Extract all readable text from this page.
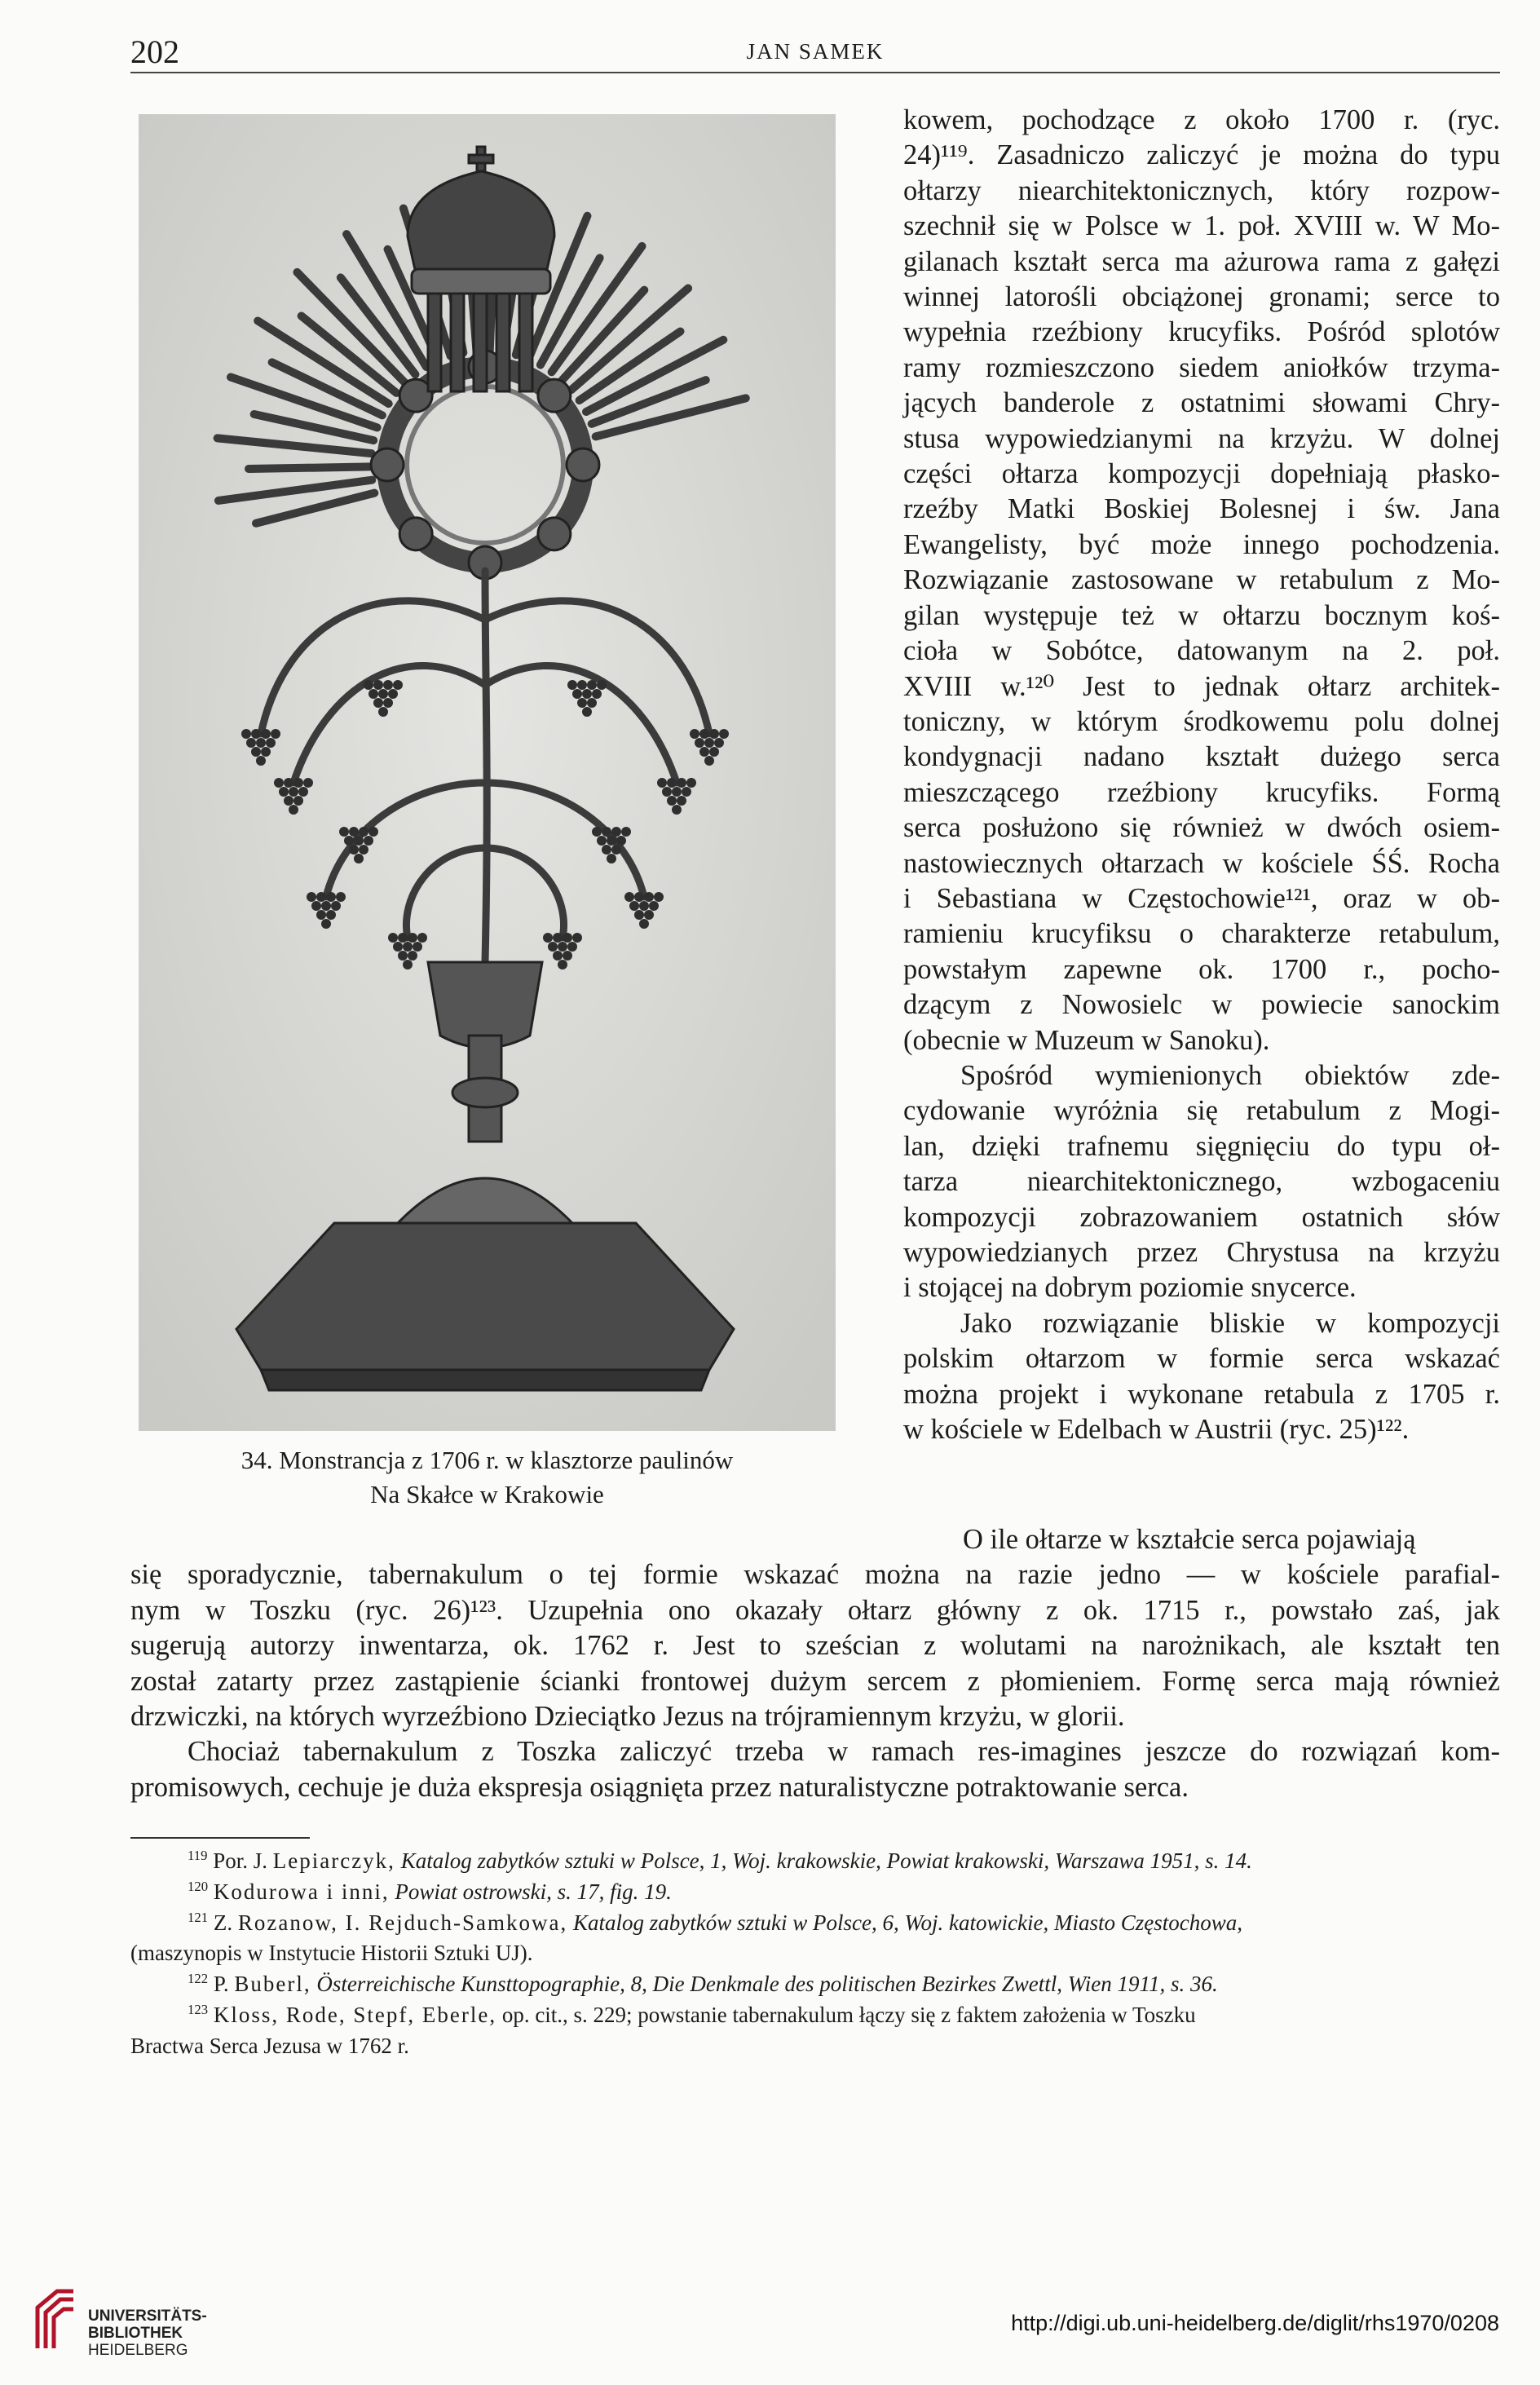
202	JAN SAMEK
34. Monstrancja z 1706 r. w klasztorze paulinów
Na Skałce w Krakowie
kowem, pochodzące z około 1700 r. (ryc.
24)¹¹⁹. Zasadniczo zaliczyć je można do typu
ołtarzy niearchitektonicznych, który rozpow-
szechnił się w Polsce w 1. poł. XVIII w. W Mo-
gilanach kształt serca ma ażurowa rama z gałęzi
winnej latorośli obciążonej gronami; serce to
wypełnia rzeźbiony krucyfiks. Pośród splotów
ramy rozmieszczono siedem aniołków trzyma-
jących banderole z ostatnimi słowami Chry-
stusa wypowiedzianymi na krzyżu. W dolnej
części ołtarza kompozycji dopełniają płasko-
rzeźby Matki Boskiej Bolesnej i św. Jana
Ewangelisty, być może innego pochodzenia.
Rozwiązanie zastosowane w retabulum z Mo-
gilan występuje też w ołtarzu bocznym koś-
cioła w Sobótce, datowanym na 2. poł.
XVIII w.¹²⁰ Jest to jednak ołtarz architek-
toniczny, w którym środkowemu polu dolnej
kondygnacji nadano kształt dużego serca
mieszczącego rzeźbiony krucyfiks. Formą
serca posłużono się również w dwóch osiem-
nastowiecznych ołtarzach w kościele ŚŚ. Rocha
i Sebastiana w Częstochowie¹²¹, oraz w ob-
ramieniu krucyfiksu o charakterze retabulum,
powstałym zapewne ok. 1700 r., pocho-
dzącym z Nowosielc w powiecie sanockim
(obecnie w Muzeum w Sanoku).
Spośród wymienionych obiektów zde-
cydowanie wyróżnia się retabulum z Mogi-
lan, dzięki trafnemu sięgnięciu do typu oł-
tarza niearchitektonicznego, wzbogaceniu
kompozycji zobrazowaniem ostatnich słów
wypowiedzianych przez Chrystusa na krzyżu
i stojącej na dobrym poziomie snycerce.
Jako rozwiązanie bliskie w kompozycji
polskim ołtarzom w formie serca wskazać
można projekt i wykonane retabula z 1705 r.
w kościele w Edelbach w Austrii (ryc. 25)¹²².
O ile ołtarze w kształcie serca pojawiają
się sporadycznie, tabernakulum o tej formie wskazać można na razie jedno — w kościele parafial-
nym w Toszku (ryc. 26)¹²³. Uzupełnia ono okazały ołtarz główny z ok. 1715 r., powstało zaś, jak
sugerują autorzy inwentarza, ok. 1762 r. Jest to sześcian z wolutami na narożnikach, ale kształt ten
został zatarty przez zastąpienie ścianki frontowej dużym sercem z płomieniem. Formę serca mają również
drzwiczki, na których wyrzeźbiono Dzieciątko Jezus na trójramiennym krzyżu, w glorii.
Chociaż tabernakulum z Toszka zaliczyć trzeba w ramach res-imagines jeszcze do rozwiązań kom-
promisowych, cechuje je duża ekspresja osiągnięta przez naturalistyczne potraktowanie serca.
$^{119}$ Por. J. Lepiarczyk, Katalog zabytków sztuki w Polsce, 1, Woj. krakowskie, Powiat krakowski, Warszawa 1951, s. 14.
$^{120}$ Kodurowa i inni, Powiat ostrowski, s. 17, fig. 19.
$^{121}$ Z. Rozanow, I. Rejduch-Samkowa, Katalog zabytków sztuki w Polsce, 6, Woj. katowickie, Miasto Częstochowa,
(maszynopis w Instytucie Historii Sztuki UJ).
$^{122}$ P. Buberl, Österreichische Kunsttopographie, 8, Die Denkmale des politischen Bezirkes Zwettl, Wien 1911, s. 36.
$^{123}$ Kloss, Rode, Stepf, Eberle, op. cit., s. 229; powstanie tabernakulum łączy się z faktem założenia w Toszku
Bractwa Serca Jezusa w 1762 r.
UNIVERSITÄTS-
BIBLIOTHEK
HEIDELBERG
http://digi.ub.uni-heidelberg.de/diglit/rhs1970/0208
